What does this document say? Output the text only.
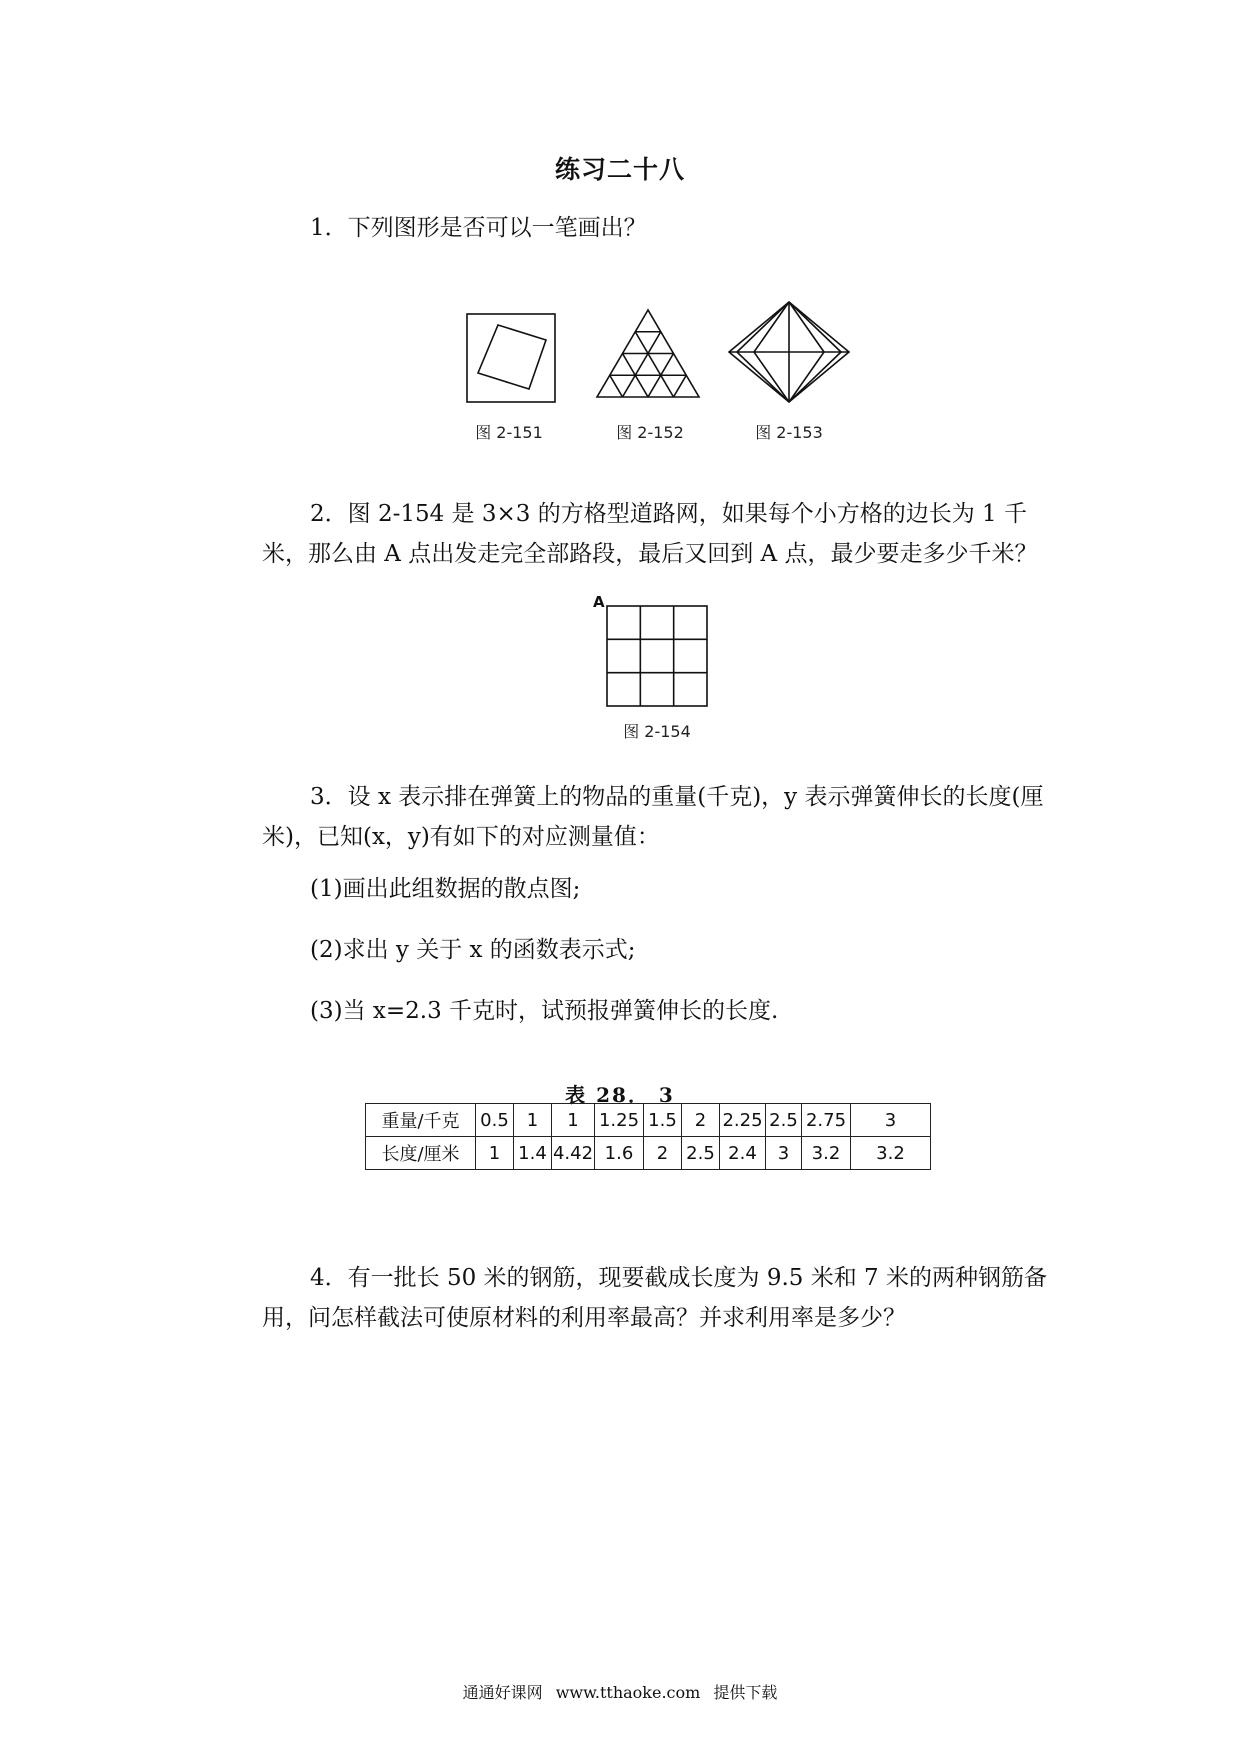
练习二十八

1．下列图形是否可以一笔画出？

图 2-151	图 2-152	图 2-153

2．图 2-154 是 3×3 的方格型道路网，如果每个小方格的边长为 1 千米，那么由 A 点出发走完全部路段，最后又回到 A 点，最少要走多少千米？

A
图 2-154

3．设 x 表示排在弹簧上的物品的重量(千克)，y 表示弹簧伸长的长度(厘米)，已知(x，y)有如下的对应测量值：

(1)画出此组数据的散点图;
(2)求出 y 关于 x 的函数表示式;
(3)当 x=2.3 千克时，试预报弹簧伸长的长度.
表 28． 3
重量/千克	0.5	1	1	1.25	1.5	2	2.25	2.5	2.75	3
长度/厘米	1	1.4	4.42	1.6	2	2.5	2.4	3	3.2	3.2

4．有一批长 50 米的钢筋，现要截成长度为 9.5 米和 7 米的两种钢筋备用，问怎样截法可使原材料的利用率最高？并求利用率是多少？

通通好课网 www.tthaoke.com 提供下载
